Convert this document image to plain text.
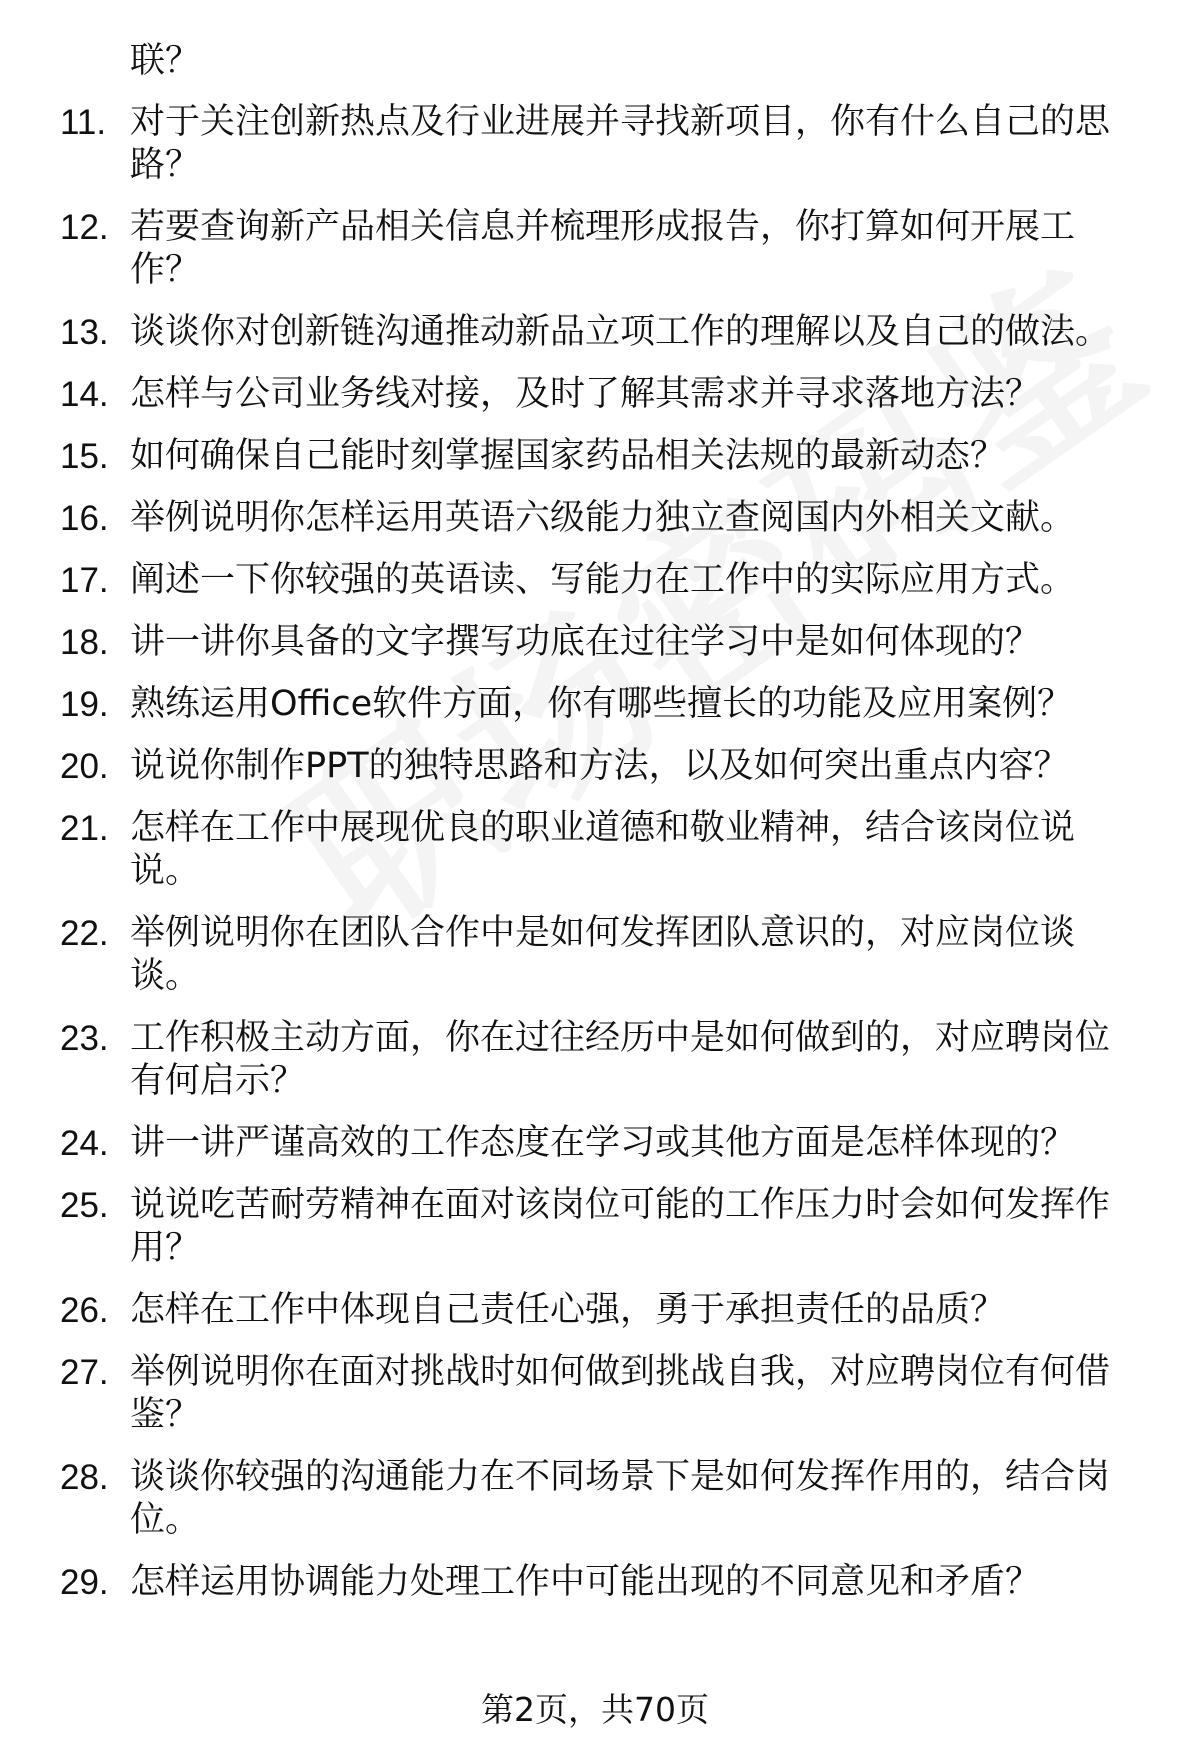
联？
11. 对于关注创新热点及行业进展并寻找新项目，你有什么自己的思路？
12. 若要查询新产品相关信息并梳理形成报告，你打算如何开展工作？
13. 谈谈你对创新链沟通推动新品立项工作的理解以及自己的做法。
14. 怎样与公司业务线对接，及时了解其需求并寻求落地方法？
15. 如何确保自己能时刻掌握国家药品相关法规的最新动态？
16. 举例说明你怎样运用英语六级能力独立查阅国内外相关文献。
17. 阐述一下你较强的英语读、写能力在工作中的实际应用方式。
18. 讲一讲你具备的文字撰写功底在过往学习中是如何体现的？
19. 熟练运用Office软件方面，你有哪些擅长的功能及应用案例？
20. 说说你制作PPT的独特思路和方法，以及如何突出重点内容？
21. 怎样在工作中展现优良的职业道德和敬业精神，结合该岗位说说。
22. 举例说明你在团队合作中是如何发挥团队意识的，对应岗位谈谈。
23. 工作积极主动方面，你在过往经历中是如何做到的，对应聘岗位有何启示？
24. 讲一讲严谨高效的工作态度在学习或其他方面是怎样体现的？
25. 说说吃苦耐劳精神在面对该岗位可能的工作压力时会如何发挥作用？
26. 怎样在工作中体现自己责任心强，勇于承担责任的品质？
27. 举例说明你在面对挑战时如何做到挑战自我，对应聘岗位有何借鉴？
28. 谈谈你较强的沟通能力在不同场景下是如何发挥作用的，结合岗位。
29. 怎样运用协调能力处理工作中可能出现的不同意见和矛盾？
第2页，共70页
